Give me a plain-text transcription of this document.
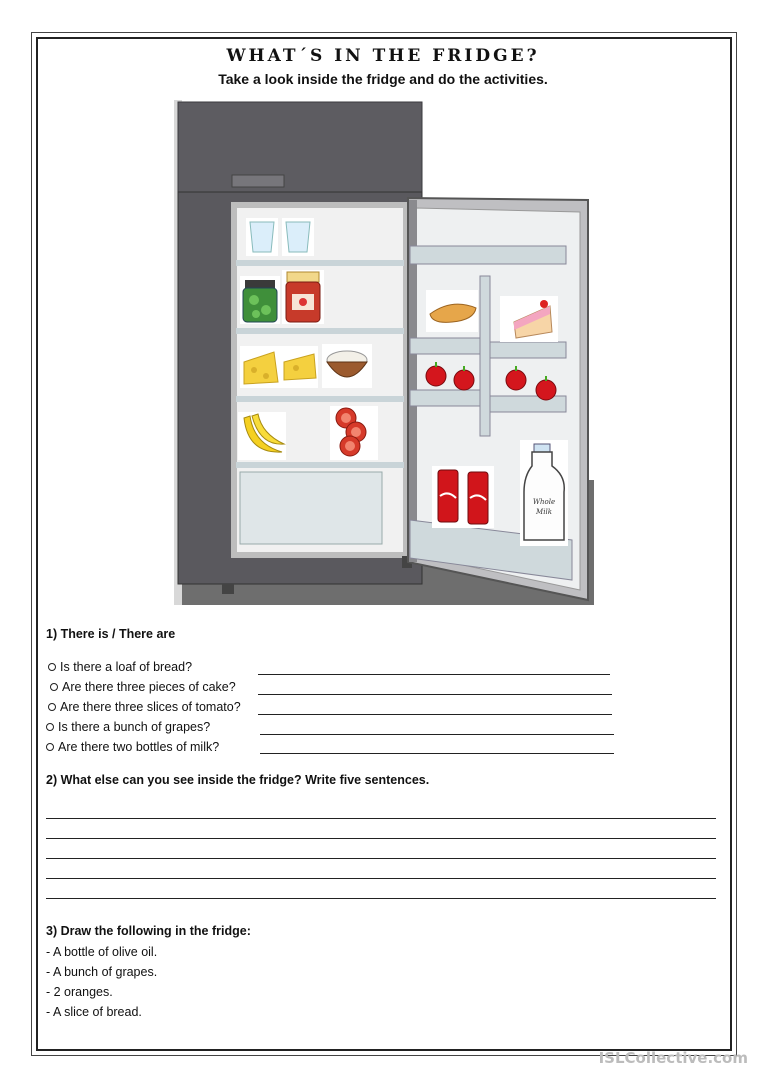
WHAT´S IN THE FRIDGE?
Take a look inside the fridge and do the activities.
Whole
Milk
1) There is / There are
Is there a loaf of bread?
Are there three pieces of cake?
Are there three slices of tomato?
Is there a bunch of grapes?
Are there two bottles of milk?
2) What else can you see inside the fridge? Write five sentences.
3) Draw the following in the fridge:
- A bottle of olive oil.
- A bunch of grapes.
- 2 oranges.
- A slice of bread.
ISLCollective.com
